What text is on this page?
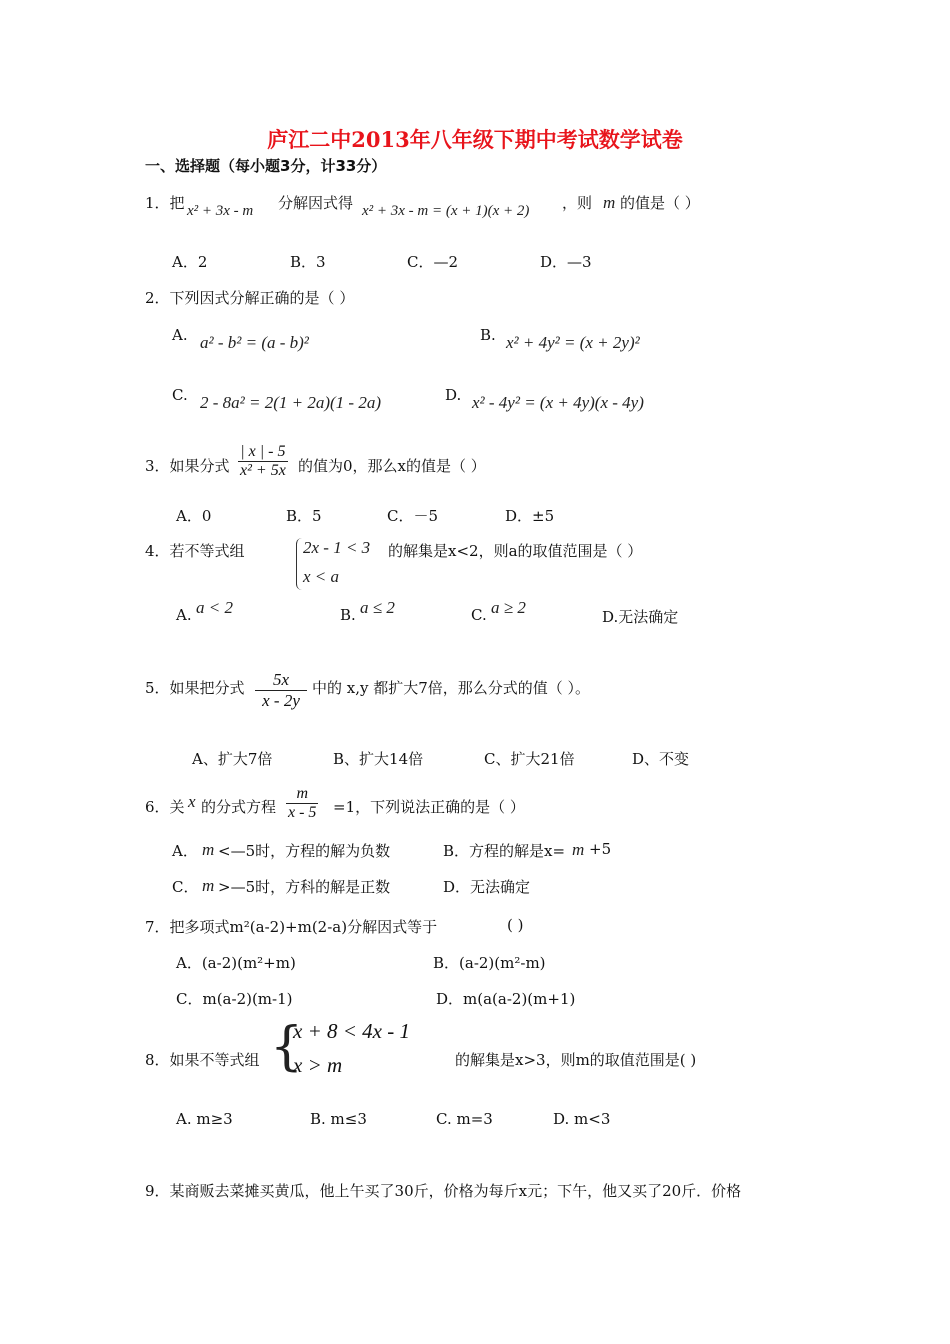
庐江二中2013年八年级下期中考试数学试卷
一、选择题（每小题3分，计33分）
1．把 x² + 3x - m 分解因式得 x² + 3x - m = (x + 1)(x + 2) ，则 m 的值是（ ）
A．2	B．3	C．—2	D．—3
2．下列因式分解正确的是（ ）
A. a² - b² = (a - b)²	B. x² + 4y² = (x + 2y)²
C. 2 - 8a² = 2(1 + 2a)(1 - 2a)	D. x² - 4y² = (x + 4y)(x - 4y)
3．如果分式 $\frac{| x | - 5}{\text{x² + 5x}}$ 的值为0，那么x的值是（ ）
A．0	B．5	C．－5	D．±5
4．若不等式组	2x - 1 < 3
x < a
的解集是x<2，则a的取值范围是（ ）
A. a < 2	B. a ≤ 2	C. a ≥ 2	D.无法确定
5．如果把分式 $\frac{5x}{x - 2y}$ 中的 x,y 都扩大7倍，那么分式的值（ ）。
A、扩大7倍	B、扩大14倍	C、扩大21倍	D、不变
6．关 x 的分式方程 $\frac{m}{x - 5} =1$，下列说法正确的是（ ）
A． m <—5时，方程的解为负数	B．方程的解是x= m +5
C． m >—5时，方科的解是正数	D．无法确定
7．把多项式m²(a-2)+m(2-a)分解因式等于	( )
A．(a-2)(m²+m)	B．(a-2)(m²-m)
C．m(a-2)(m-1)	D．m(a(a-2)(m+1)
8．如果不等式组 {
x + 8 < 4x - 1
x > m	的解集是x>3，则m的取值范围是( )
A. m≥3	B. m≤3	C. m=3	D. m<3
9．某商贩去菜摊买黄瓜，他上午买了30斤，价格为每斤x元；下午，他又买了20斤．价格
